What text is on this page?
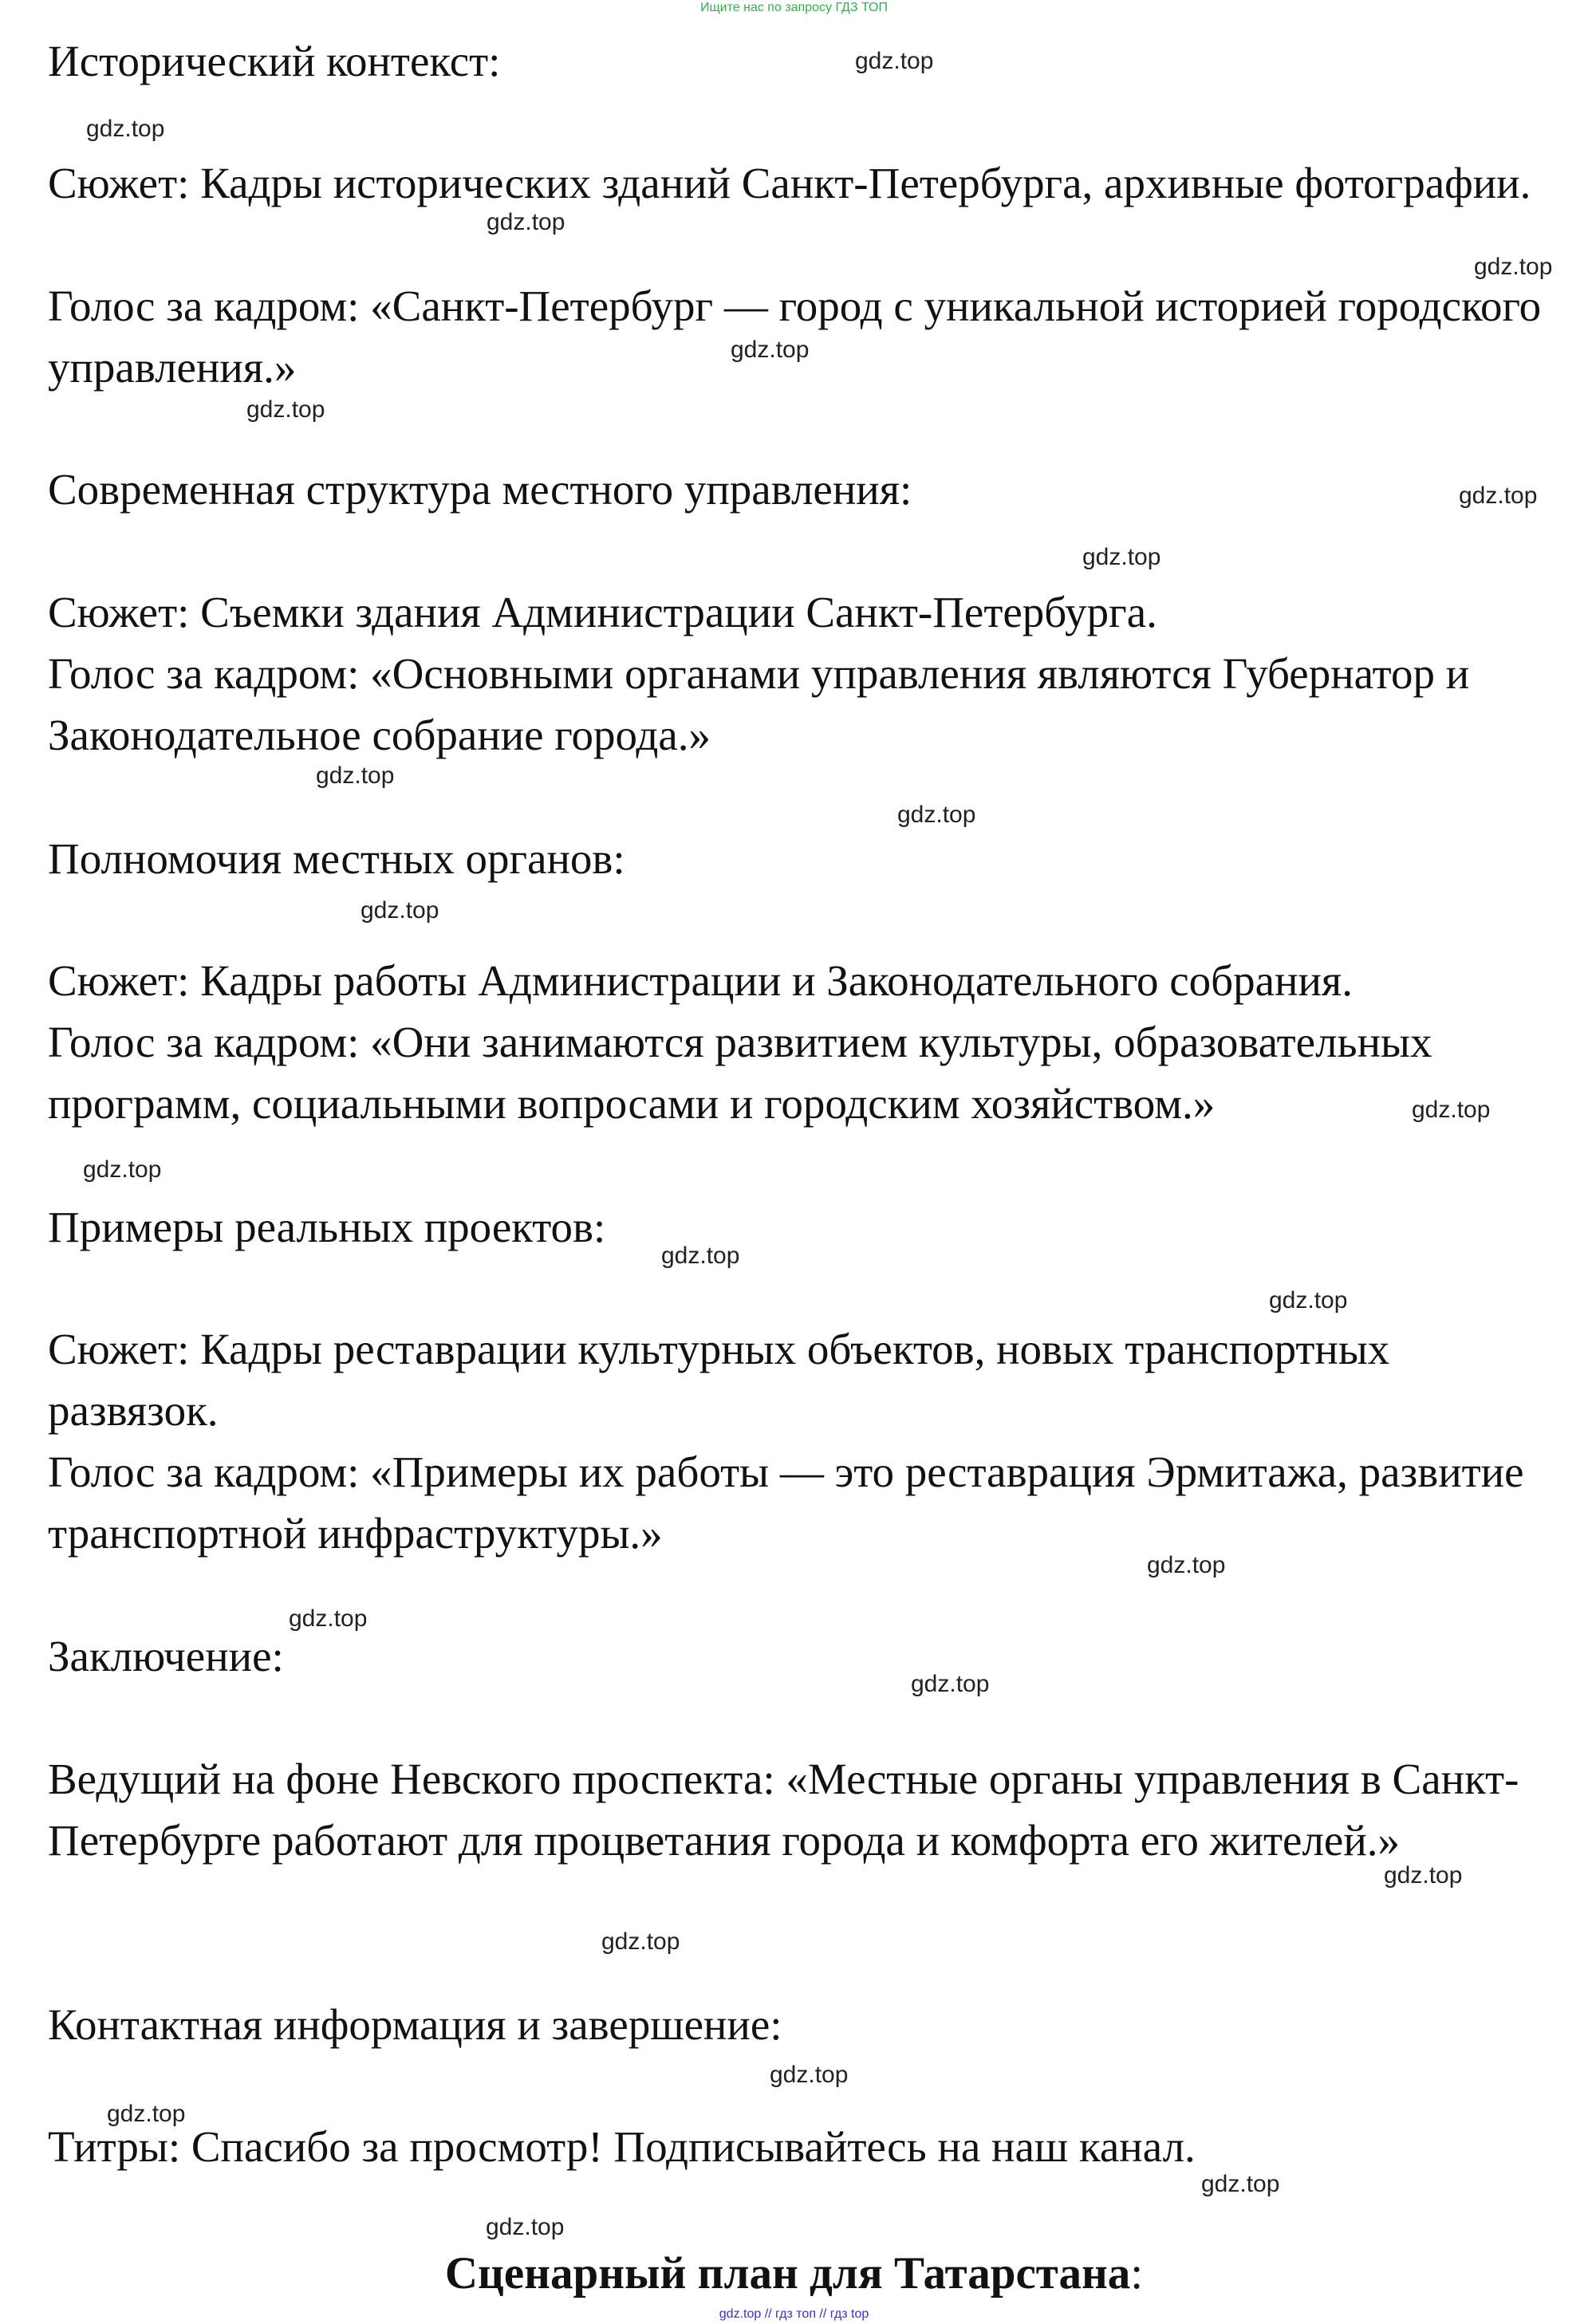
Ищите нас по запросу ГДЗ ТОП

Исторический контекст:

Сюжет: Кадры исторических зданий Санкт-Петербурга, архивные фотографии.

Голос за кадром: «Санкт-Петербург — город с уникальной историей городского управления.»

Современная структура местного управления:

Сюжет: Съемки здания Администрации Санкт-Петербурга.

Голос за кадром: «Основными органами управления являются Губернатор и Законодательное собрание города.»

Полномочия местных органов:

Сюжет: Кадры работы Администрации и Законодательного собрания.

Голос за кадром: «Они занимаются развитием культуры, образовательных программ, социальными вопросами и городским хозяйством.»

Примеры реальных проектов:

Сюжет: Кадры реставрации культурных объектов, новых транспортных развязок.

Голос за кадром: «Примеры их работы — это реставрация Эрмитажа, развитие транспортной инфраструктуры.»

Заключение:

Ведущий на фоне Невского проспекта: «Местные органы управления в Санкт-Петербурге работают для процветания города и комфорта его жителей.»

Контактная информация и завершение:

Титры: Спасибо за просмотр! Подписывайтесь на наш канал.

Сценарный план для Татарстана:
gdz.top
gdz.top
gdz.top
gdz.top
gdz.top
gdz.top
gdz.top
gdz.top
gdz.top
gdz.top
gdz.top
gdz.top
gdz.top
gdz.top
gdz.top
gdz.top
gdz.top
gdz.top
gdz.top
gdz.top
gdz.top
gdz.top
gdz.top
gdz.top
gdz.top // гдз топ // гдз top
